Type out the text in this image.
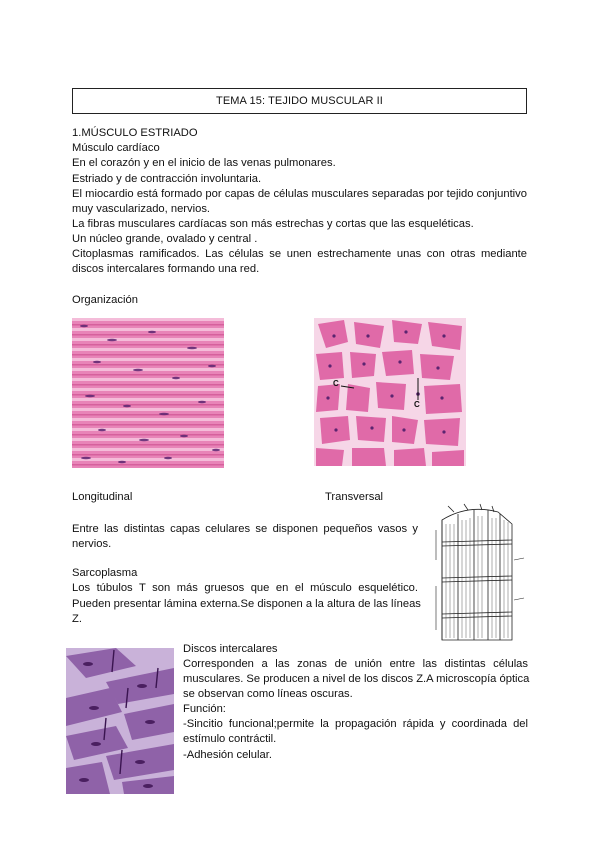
TEMA 15: TEJIDO MUSCULAR II
1.MÚSCULO ESTRIADO
Músculo cardíaco
En el corazón y en el inicio de las venas pulmonares.
Estriado y de contracción involuntaria.
El miocardio está formado por capas de células musculares separadas por tejido conjuntivo
muy vascularizado, nervios.
La fibras musculares cardíacas son más estrechas y cortas que las esqueléticas.
Un núcleo grande, ovalado y central .
Citoplasmas ramificados. Las células se unen estrechamente unas con otras mediante
discos intercalares formando una red.
Organización
C
C
Longitudinal	Transversal
Entre las distintas capas celulares se disponen pequeños vasos y
nervios.
Sarcoplasma
Los túbulos T son más gruesos que en el músculo esquelético.
Pueden presentar lámina externa.Se disponen a la altura de las líneas
Z.
Discos intercalares
Corresponden a las zonas de unión entre las distintas células
musculares. Se producen a nivel de los discos Z.A microscopía óptica
se observan como líneas oscuras.
Función:
-Sincitio funcional;permite la propagación rápida y coordinada del
estímulo contráctil.
-Adhesión celular.
